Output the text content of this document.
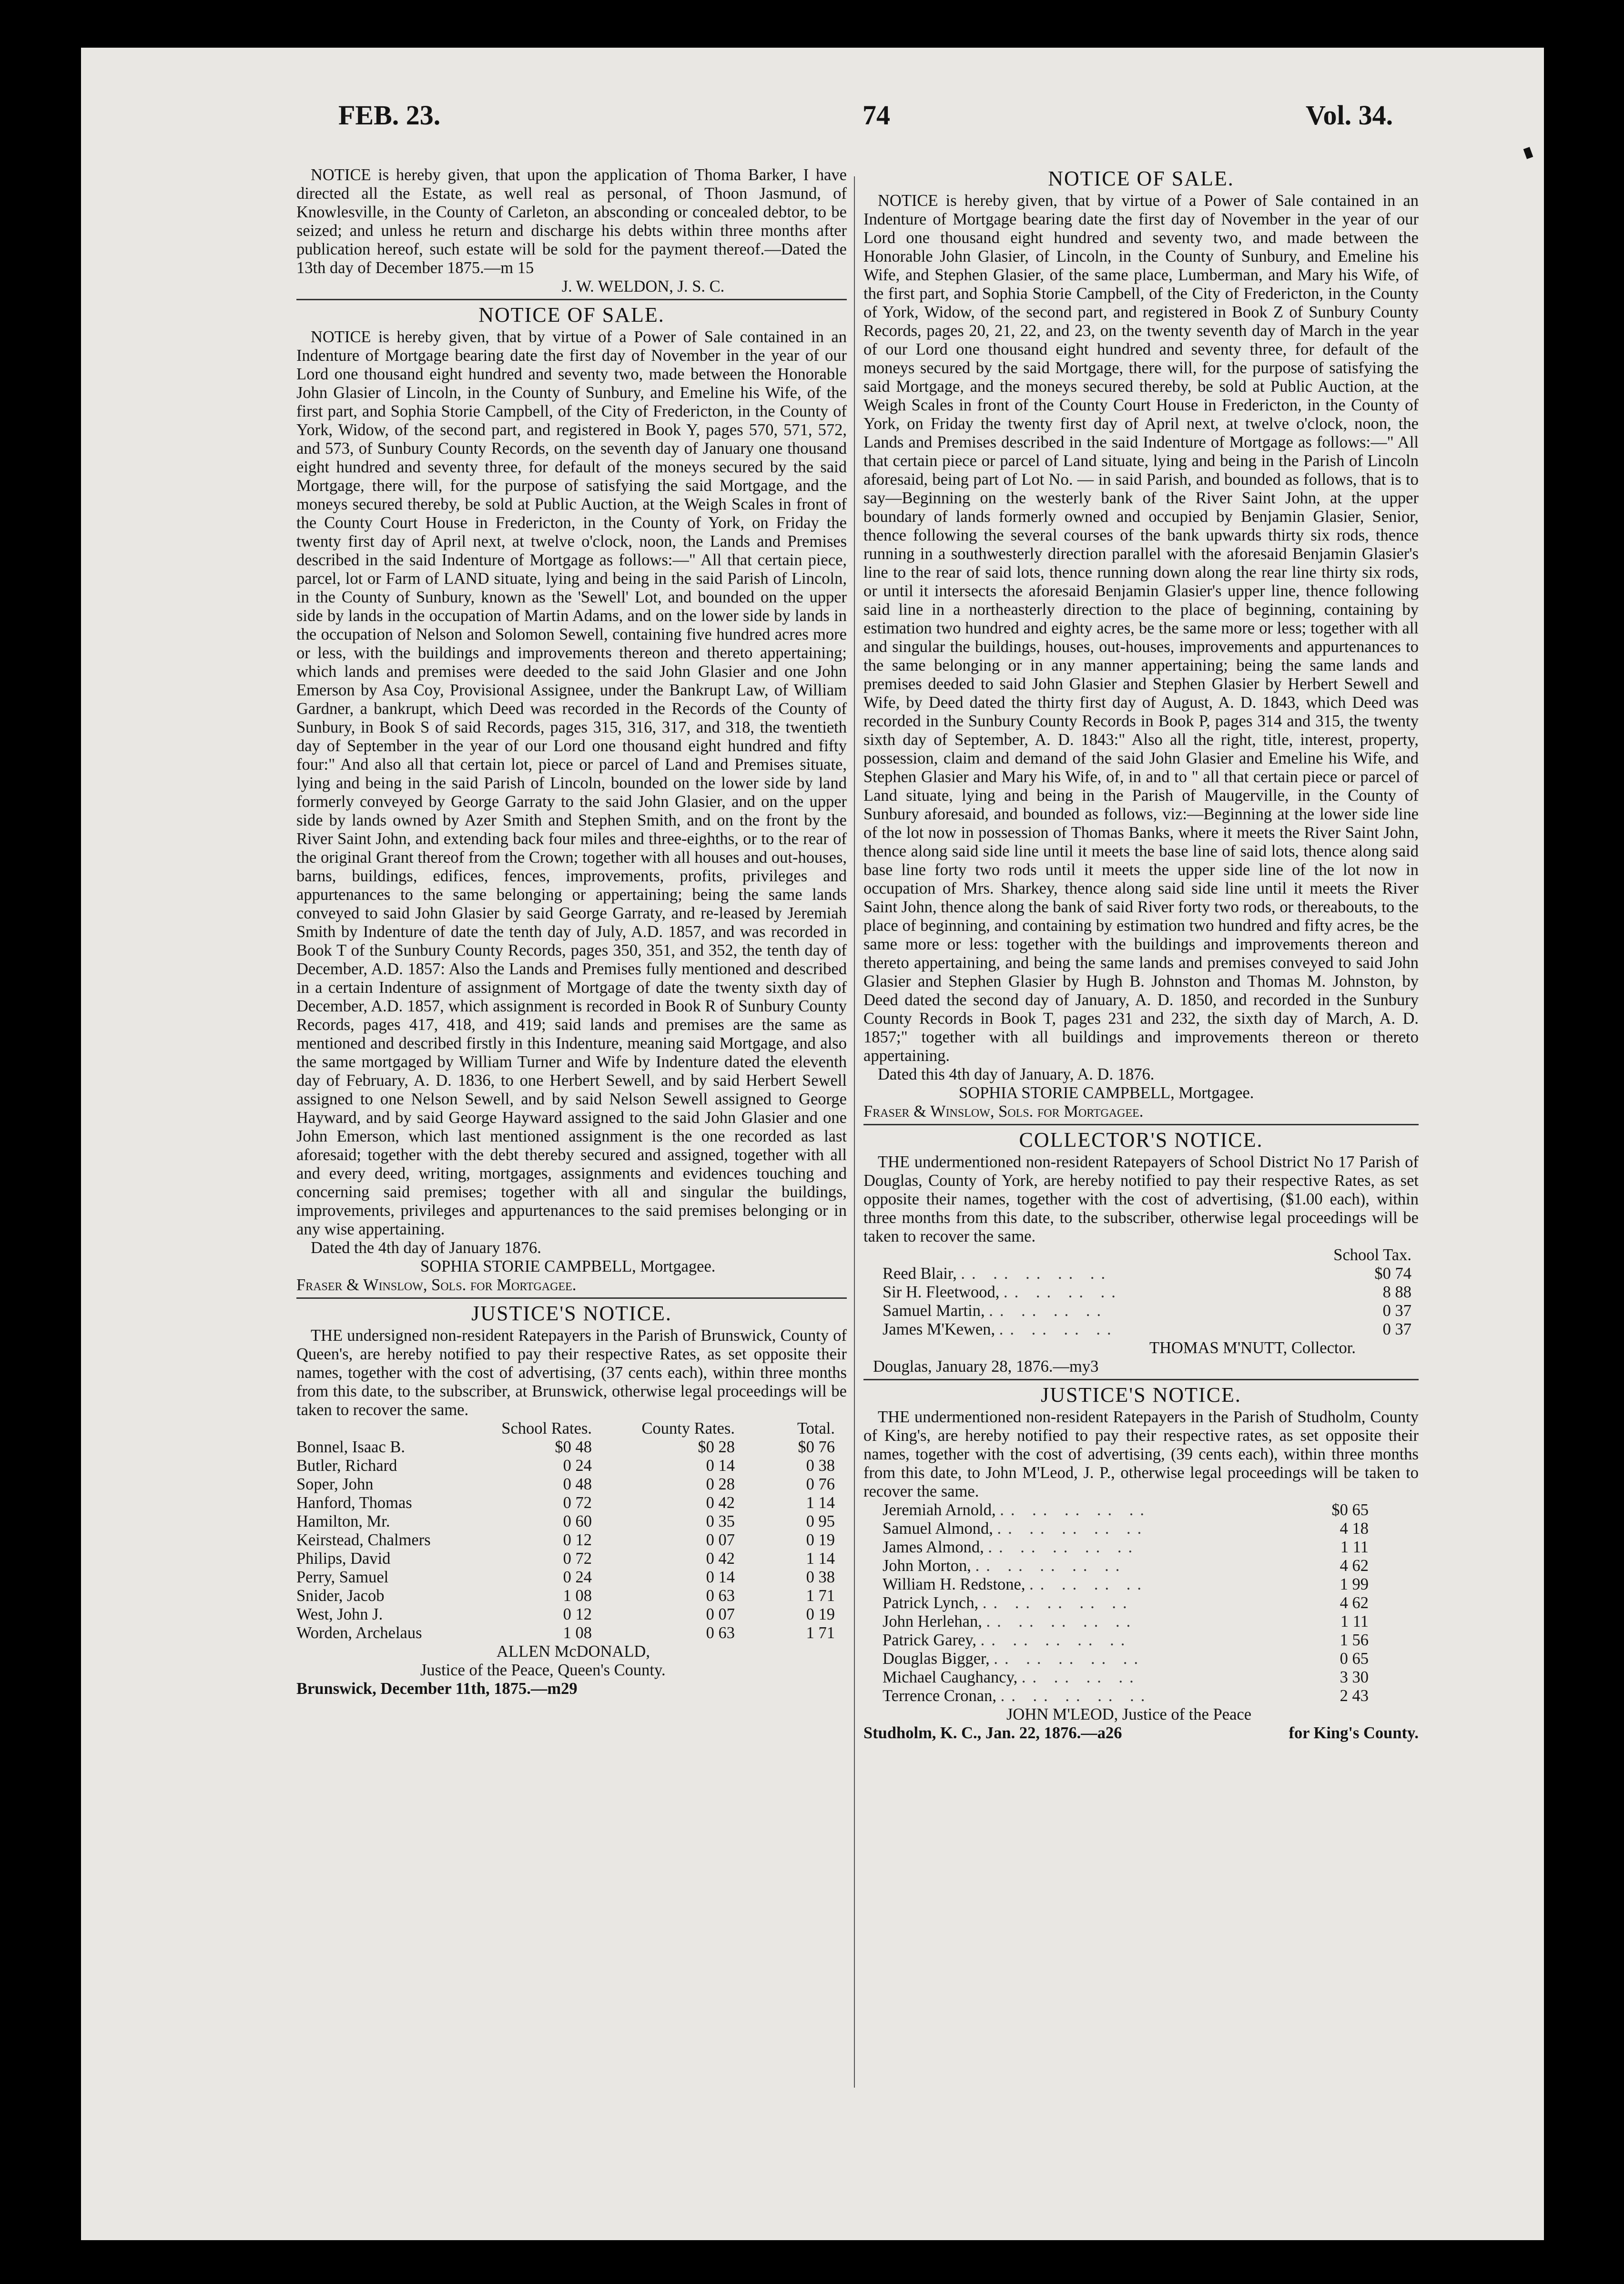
FEB. 23.	74	Vol. 34.

NOTICE is hereby given, that upon the application of Thoma Barker, I have directed all the Estate, as well real as personal, of Thoon Jasmund, of Knowlesville, in the County of Carleton, an absconding or concealed debtor, to be seized; and unless he return and discharge his debts within three months after publication hereof, such estate will be sold for the payment thereof.—Dated the 13th day of December 1875.—m 15

J. W. WELDON, J. S. C.
NOTICE OF SALE.

NOTICE is hereby given, that by virtue of a Power of Sale contained in an Indenture of Mortgage bearing date the first day of November in the year of our Lord one thousand eight hundred and seventy two, made between the Honorable John Glasier of Lincoln, in the County of Sunbury, and Emeline his Wife, of the first part, and Sophia Storie Campbell, of the City of Fredericton, in the County of York, Widow, of the second part, and registered in Book Y, pages 570, 571, 572, and 573, of Sunbury County Records, on the seventh day of January one thousand eight hundred and seventy three, for default of the moneys secured by the said Mortgage, there will, for the purpose of satisfying the said Mortgage, and the moneys secured thereby, be sold at Public Auction, at the Weigh Scales in front of the County Court House in Fredericton, in the County of York, on Friday the twenty first day of April next, at twelve o'clock, noon, the Lands and Premises described in the said Indenture of Mortgage as follows:—" All that certain piece, parcel, lot or Farm of LAND situate, lying and being in the said Parish of Lincoln, in the County of Sunbury, known as the 'Sewell' Lot, and bounded on the upper side by lands in the occupation of Martin Adams, and on the lower side by lands in the occupation of Nelson and Solomon Sewell, containing five hundred acres more or less, with the buildings and improvements thereon and thereto appertaining; which lands and premises were deeded to the said John Glasier and one John Emerson by Asa Coy, Provisional Assignee, under the Bankrupt Law, of William Gardner, a bankrupt, which Deed was recorded in the Records of the County of Sunbury, in Book S of said Records, pages 315, 316, 317, and 318, the twentieth day of September in the year of our Lord one thousand eight hundred and fifty four:" And also all that certain lot, piece or parcel of Land and Premises situate, lying and being in the said Parish of Lincoln, bounded on the lower side by land formerly conveyed by George Garraty to the said John Glasier, and on the upper side by lands owned by Azer Smith and Stephen Smith, and on the front by the River Saint John, and extending back four miles and three-eighths, or to the rear of the original Grant thereof from the Crown; together with all houses and out-houses, barns, buildings, edifices, fences, improvements, profits, privileges and appurtenances to the same belonging or appertaining; being the same lands conveyed to said John Glasier by said George Garraty, and re-leased by Jeremiah Smith by Indenture of date the tenth day of July, A.D. 1857, and was recorded in Book T of the Sunbury County Records, pages 350, 351, and 352, the tenth day of December, A.D. 1857: Also the Lands and Premises fully mentioned and described in a certain Indenture of assignment of Mortgage of date the twenty sixth day of December, A.D. 1857, which assignment is recorded in Book R of Sunbury County Records, pages 417, 418, and 419; said lands and premises are the same as mentioned and described firstly in this Indenture, meaning said Mortgage, and also the same mortgaged by William Turner and Wife by Indenture dated the eleventh day of February, A. D. 1836, to one Herbert Sewell, and by said Herbert Sewell assigned to one Nelson Sewell, and by said Nelson Sewell assigned to George Hayward, and by said George Hayward assigned to the said John Glasier and one John Emerson, which last mentioned assignment is the one recorded as last aforesaid; together with the debt thereby secured and assigned, together with all and every deed, writing, mortgages, assignments and evidences touching and concerning said premises; together with all and singular the buildings, improvements, privileges and appurtenances to the said premises belonging or in any wise appertaining.

Dated the 4th day of January 1876.

SOPHIA STORIE CAMPBELL, Mortgagee.
Fraser & Winslow, Sols. for Mortgagee.
JUSTICE'S NOTICE.

THE undersigned non-resident Ratepayers in the Parish of Brunswick, County of Queen's, are hereby notified to pay their respective Rates, as set opposite their names, together with the cost of advertising, (37 cents each), within three months from this date, to the subscriber, at Brunswick, otherwise legal proceedings will be taken to recover the same.

	School Rates.	County Rates.	Total.
Bonnel, Isaac B.	$0 48	$0 28	$0 76
Butler, Richard	0 24	0 14	0 38
Soper, John	0 48	0 28	0 76
Hanford, Thomas	0 72	0 42	1 14
Hamilton, Mr.	0 60	0 35	0 95
Keirstead, Chalmers	0 12	0 07	0 19
Philips, David	0 72	0 42	1 14
Perry, Samuel	0 24	0 14	0 38
Snider, Jacob	1 08	0 63	1 71
West, John J.	0 12	0 07	0 19
Worden, Archelaus	1 08	0 63	1 71
ALLEN McDONALD,
Justice of the Peace, Queen's County.
Brunswick, December 11th, 1875.—m29
NOTICE OF SALE.

NOTICE is hereby given, that by virtue of a Power of Sale contained in an Indenture of Mortgage bearing date the first day of November in the year of our Lord one thousand eight hundred and seventy two, and made between the Honorable John Glasier, of Lincoln, in the County of Sunbury, and Emeline his Wife, and Stephen Glasier, of the same place, Lumberman, and Mary his Wife, of the first part, and Sophia Storie Campbell, of the City of Fredericton, in the County of York, Widow, of the second part, and registered in Book Z of Sunbury County Records, pages 20, 21, 22, and 23, on the twenty seventh day of March in the year of our Lord one thousand eight hundred and seventy three, for default of the moneys secured by the said Mortgage, there will, for the purpose of satisfying the said Mortgage, and the moneys secured thereby, be sold at Public Auction, at the Weigh Scales in front of the County Court House in Fredericton, in the County of York, on Friday the twenty first day of April next, at twelve o'clock, noon, the Lands and Premises described in the said Indenture of Mortgage as follows:—" All that certain piece or parcel of Land situate, lying and being in the Parish of Lincoln aforesaid, being part of Lot No. — in said Parish, and bounded as follows, that is to say—Beginning on the westerly bank of the River Saint John, at the upper boundary of lands formerly owned and occupied by Benjamin Glasier, Senior, thence following the several courses of the bank upwards thirty six rods, thence running in a southwesterly direction parallel with the aforesaid Benjamin Glasier's line to the rear of said lots, thence running down along the rear line thirty six rods, or until it intersects the aforesaid Benjamin Glasier's upper line, thence following said line in a northeasterly direction to the place of beginning, containing by estimation two hundred and eighty acres, be the same more or less; together with all and singular the buildings, houses, out-houses, improvements and appurtenances to the same belonging or in any manner appertaining; being the same lands and premises deeded to said John Glasier and Stephen Glasier by Herbert Sewell and Wife, by Deed dated the thirty first day of August, A. D. 1843, which Deed was recorded in the Sunbury County Records in Book P, pages 314 and 315, the twenty sixth day of September, A. D. 1843:" Also all the right, title, interest, property, possession, claim and demand of the said John Glasier and Emeline his Wife, and Stephen Glasier and Mary his Wife, of, in and to " all that certain piece or parcel of Land situate, lying and being in the Parish of Maugerville, in the County of Sunbury aforesaid, and bounded as follows, viz:—Beginning at the lower side line of the lot now in possession of Thomas Banks, where it meets the River Saint John, thence along said side line until it meets the base line of said lots, thence along said base line forty two rods until it meets the upper side line of the lot now in occupation of Mrs. Sharkey, thence along said side line until it meets the River Saint John, thence along the bank of said River forty two rods, or thereabouts, to the place of beginning, and containing by estimation two hundred and fifty acres, be the same more or less: together with the buildings and improvements thereon and thereto appertaining, and being the same lands and premises conveyed to said John Glasier and Stephen Glasier by Hugh B. Johnston and Thomas M. Johnston, by Deed dated the second day of January, A. D. 1850, and recorded in the Sunbury County Records in Book T, pages 231 and 232, the sixth day of March, A. D. 1857;" together with all buildings and improvements thereon or thereto appertaining.

Dated this 4th day of January, A. D. 1876.

SOPHIA STORIE CAMPBELL, Mortgagee.
Fraser & Winslow, Sols. for Mortgagee.
COLLECTOR'S NOTICE.

THE undermentioned non-resident Ratepayers of School District No 17 Parish of Douglas, County of York, are hereby notified to pay their respective Rates, as set opposite their names, together with the cost of advertising, ($1.00 each), within three months from this date, to the subscriber, otherwise legal proceedings will be taken to recover the same.

	School Tax.
Reed Blair, .. .. .. .. ..	$0 74
Sir H. Fleetwood, .. .. .. ..	8 88
Samuel Martin, .. .. .. ..	0 37
James M'Kewen, .. .. .. ..	0 37
THOMAS M'NUTT, Collector.
Douglas, January 28, 1876.—my3
JUSTICE'S NOTICE.

THE undermentioned non-resident Ratepayers in the Parish of Studholm, County of King's, are hereby notified to pay their respective rates, as set opposite their names, together with the cost of advertising, (39 cents each), within three months from this date, to John M'Leod, J. P., otherwise legal proceedings will be taken to recover the same.

Jeremiah Arnold, .. .. .. .. ..	$0 65
Samuel Almond, .. .. .. .. ..	4 18
James Almond, .. .. .. .. ..	1 11
John Morton, .. .. .. .. ..	4 62
William H. Redstone, .. .. .. ..	1 99
Patrick Lynch, .. .. .. .. ..	4 62
John Herlehan, .. .. .. .. ..	1 11
Patrick Garey, .. .. .. .. ..	1 56
Douglas Bigger, .. .. .. .. ..	0 65
Michael Caughancy, .. .. .. ..	3 30
Terrence Cronan, .. .. .. .. ..	2 43
JOHN M'LEOD, Justice of the Peace
Studholm, K. C., Jan. 22, 1876.—a26	for King's County.
